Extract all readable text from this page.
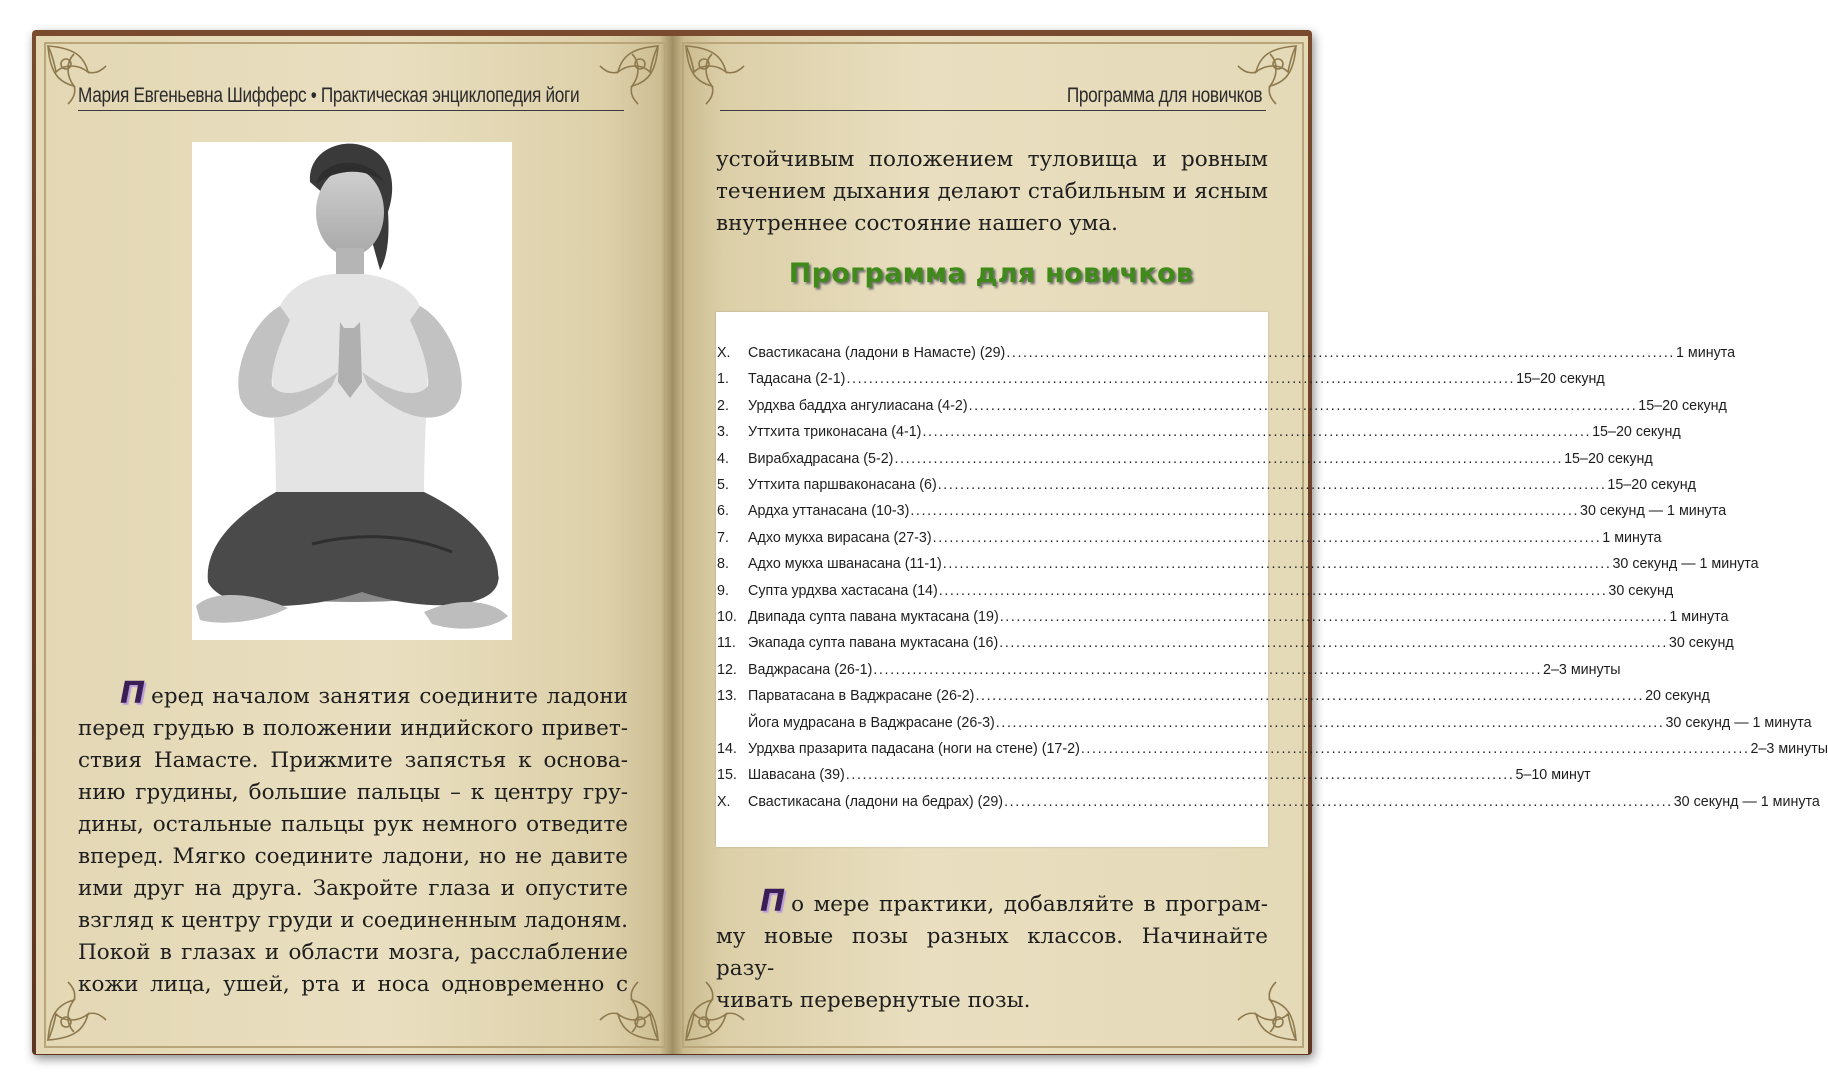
Мария Евгеньевна Шифферс • Практическая энциклопедия йоги	Программа для новичков
П еред началом занятия соедините ладони
перед грудью в положении индийского привет-
ствия Намасте. Прижмите запястья к основа-
нию грудины, большие пальцы – к центру гру-
дины, остальные пальцы рук немного отведите
вперед. Мягко соедините ладони, но не давите
ими друг на друга. Закройте глаза и опустите
взгляд к центру груди и соединенным ладоням.
Покой в глазах и области мозга, расслабление
кожи лица, ушей, рта и носа одновременно с
устойчивым положением туловища и ровным
течением дыхания делают стабильным и ясным
внутреннее состояние нашего ума.
Программа для новичков
Х.	Свастикасана (ладони в Намасте) (29) ........................................................................................................................ 1 минута
1.	Тадасана (2-1) ........................................................................................................................ 15–20 секунд
2.	Урдхва баддха ангулиасана (4-2) ........................................................................................................................ 15–20 секунд
3.	Уттхита триконасана (4-1) ........................................................................................................................ 15–20 секунд
4.	Вирабхадрасана (5-2) ........................................................................................................................ 15–20 секунд
5.	Уттхита паршваконасана (6) ........................................................................................................................ 15–20 секунд
6.	Ардха уттанасана (10-3) ........................................................................................................................ 30 секунд — 1 минута
7.	Адхо мукха вирасана (27-3) ........................................................................................................................ 1 минута
8.	Адхо мукха шванасана (11-1) ........................................................................................................................ 30 секунд — 1 минута
9.	Супта урдхва хастасана (14) ........................................................................................................................ 30 секунд
10. Двипада супта павана муктасана (19) ........................................................................................................................ 1 минута
11. Экапада супта павана муктасана (16) ........................................................................................................................ 30 секунд
12. Ваджрасана (26-1) ........................................................................................................................ 2–3 минуты
13. Парватасана в Ваджрасане (26-2) ........................................................................................................................ 20 секунд
Йога мудрасана в Ваджрасане (26-3) ........................................................................................................................ 30 секунд — 1 минута
14. Урдхва празарита падасана (ноги на стене) (17-2) ........................................................................................................................ 2–3 минуты
15. Шавасана (39) ........................................................................................................................ 5–10 минут
Х.	Свастикасана (ладони на бедрах) (29) ........................................................................................................................ 30 секунд — 1 минута
П о мере практики, добавляйте в програм-
му новые позы разных классов. Начинайте разу-
чивать перевернутые позы.
